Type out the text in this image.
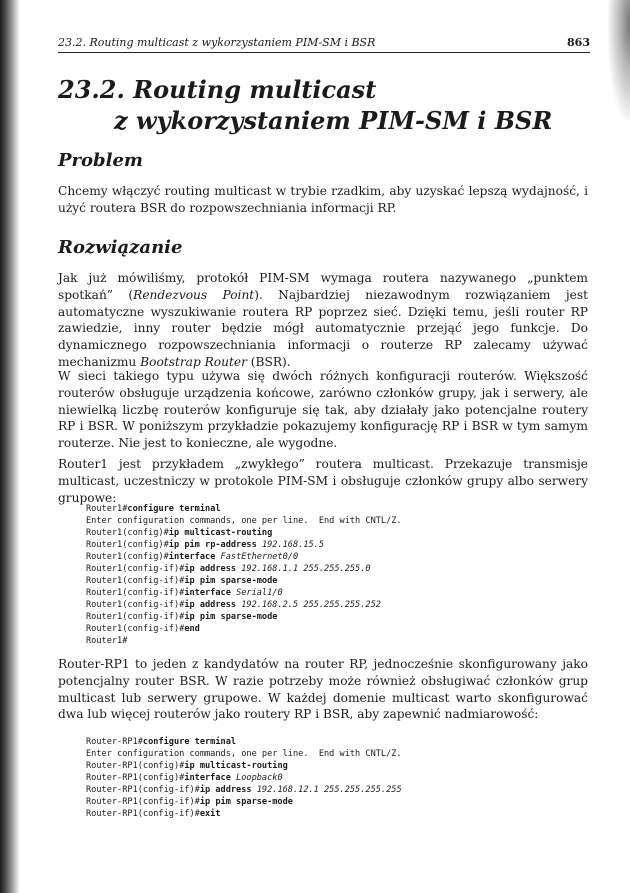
23.2. Routing multicast z wykorzystaniem PIM-SM i BSR	863
23.2. Routing multicast
z wykorzystaniem PIM-SM i BSR
Problem

Chcemy włączyć routing multicast w trybie rzadkim, aby uzyskać lepszą wydajność, i użyć routera BSR do rozpowszechniania informacji RP.

Rozwiązanie

Jak już mówiliśmy, protokół PIM-SM wymaga routera nazywanego „punktem spotkań” (Rendezvous Point). Najbardziej niezawodnym rozwiązaniem jest automatyczne wyszukiwanie routera RP poprzez sieć. Dzięki temu, jeśli router RP zawiedzie, inny router będzie mógł automatycznie przejąć jego funkcje. Do dynamicznego rozpowszechniania informacji o routerze RP zalecamy używać mechanizmu Bootstrap Router (BSR).

W sieci takiego typu używa się dwóch różnych konfiguracji routerów. Większość routerów obsługuje urządzenia końcowe, zarówno członków grupy, jak i serwery, ale niewielką liczbę routerów konfiguruje się tak, aby działały jako potencjalne routery RP i BSR. W poniższym przykładzie pokazujemy konfigurację RP i BSR w tym samym routerze. Nie jest to konieczne, ale wygodne.

Router1 jest przykładem „zwykłego” routera multicast. Przekazuje transmisje multicast, uczestniczy w protokole PIM-SM i obsługuje członków grupy albo serwery grupowe:

Router1#configure terminal
Enter configuration commands, one per line.  End with CNTL/Z.
Router1(config)#ip multicast-routing
Router1(config)#ip pim rp-address 192.168.15.5
Router1(config)#interface FastEthernet0/0
Router1(config-if)#ip address 192.168.1.1 255.255.255.0
Router1(config-if)#ip pim sparse-mode
Router1(config-if)#interface Serial1/0
Router1(config-if)#ip address 192.168.2.5 255.255.255.252
Router1(config-if)#ip pim sparse-mode
Router1(config-if)#end
Router1#

Router-RP1 to jeden z kandydatów na router RP, jednocześnie skonfigurowany jako potencjalny router BSR. W razie potrzeby może również obsługiwać członków grup multicast lub serwery grupowe. W każdej domenie multicast warto skonfigurować dwa lub więcej routerów jako routery RP i BSR, aby zapewnić nadmiarowość:

Router-RP1#configure terminal
Enter configuration commands, one per line.  End with CNTL/Z.
Router-RP1(config)#ip multicast-routing
Router-RP1(config)#interface Loopback0
Router-RP1(config-if)#ip address 192.168.12.1 255.255.255.255
Router-RP1(config-if)#ip pim sparse-mode
Router-RP1(config-if)#exit
